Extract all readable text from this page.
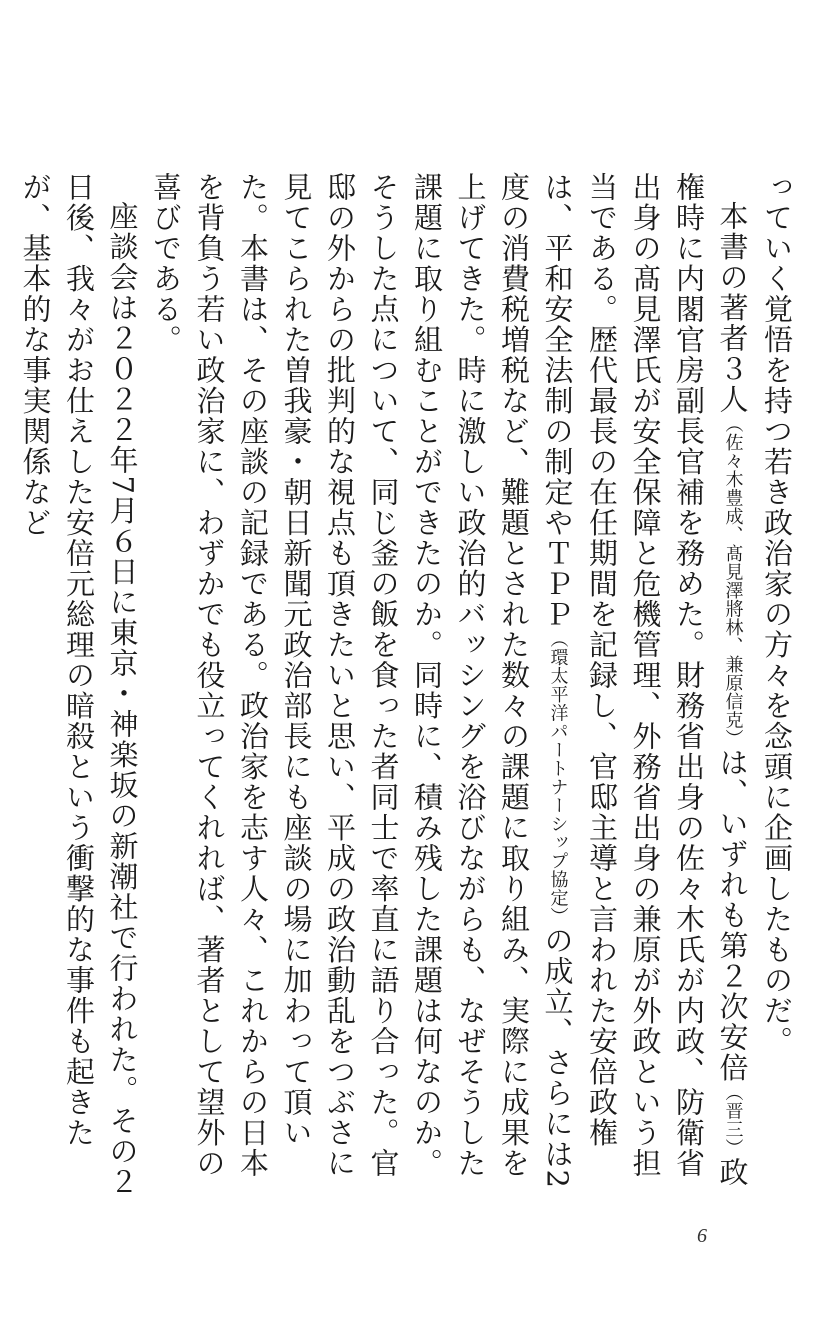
っていく覚悟を持つ若き政治家の方々を念頭に企画したものだ。

本書の著者３人（佐々木豊成、髙見澤將林、兼原信克）は、いずれも第２次安倍（晋三）政権時に内閣官房副長官補を務めた。財務省出身の佐々木氏が内政、防衛省出身の髙見澤氏が安全保障と危機管理、外務省出身の兼原が外政という担当である。歴代最長の在任期間を記録し、官邸主導と言われた安倍政権は、平和安全法制の制定やＴＰＰ（環太平洋パートナーシップ協定）の成立、さらには2度の消費税増税など、難題とされた数々の課題に取り組み、実際に成果を上げてきた。時に激しい政治的バッシングを浴びながらも、なぜそうした課題に取り組むことができたのか。同時に、積み残した課題は何なのか。そうした点について、同じ釜の飯を食った者同士で率直に語り合った。官邸の外からの批判的な視点も頂きたいと思い、平成の政治動乱をつぶさに見てこられた曽我豪・朝日新聞元政治部長にも座談の場に加わって頂いた。本書は、その座談の記録である。政治家を志す人々、これからの日本を背負う若い政治家に、わずかでも役立ってくれれば、著者として望外の喜びである。

座談会は２０２２年7月６日に東京・神楽坂の新潮社で行われた。その２日後、我々がお仕えした安倍元総理の暗殺という衝撃的な事件も起きたが、基本的な事実関係など

6
